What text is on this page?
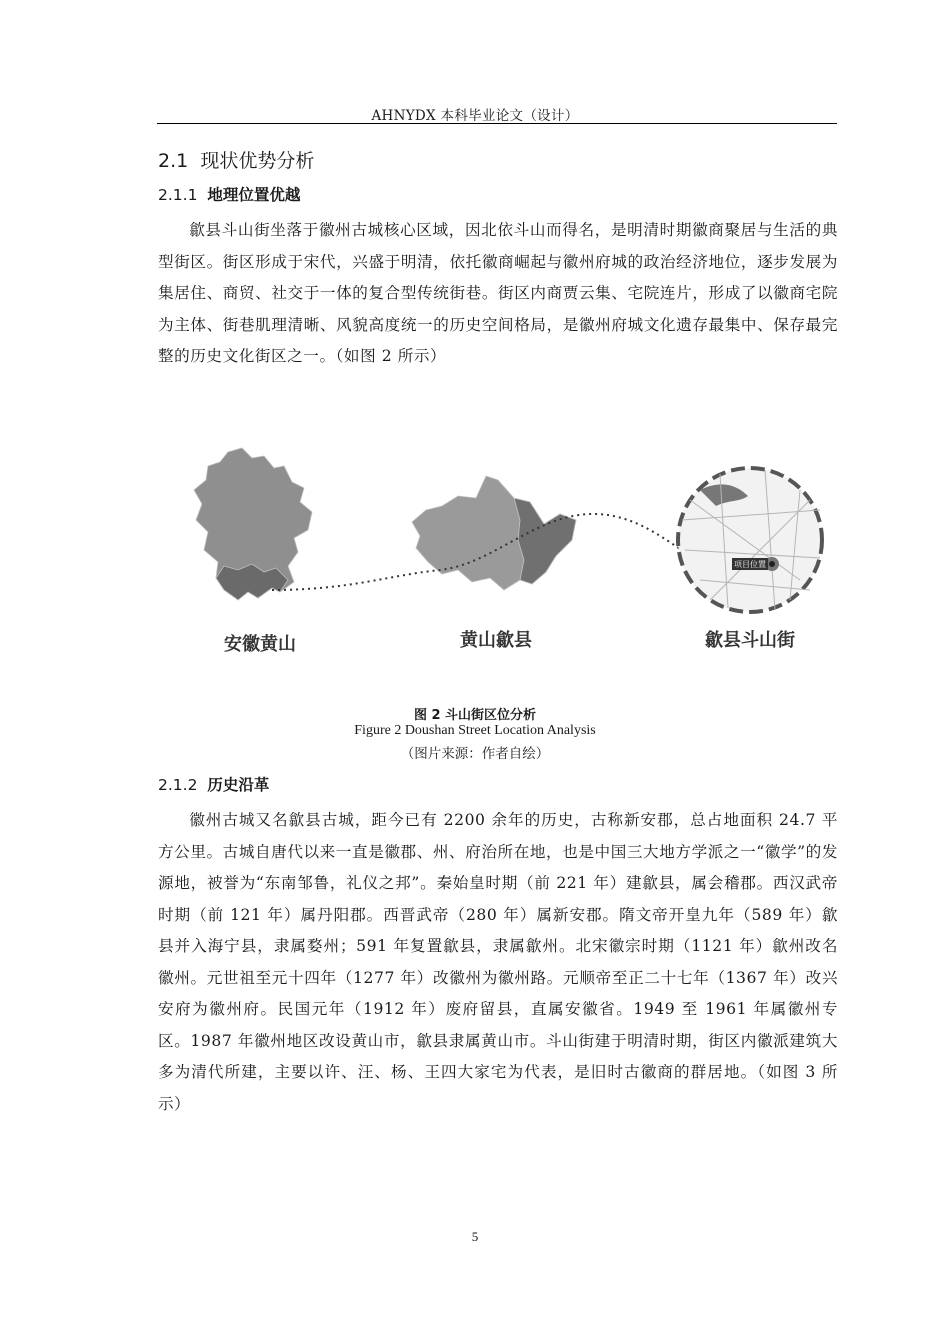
AHNYDX 本科毕业论文（设计）
2.1 现状优势分析
2.1.1 地理位置优越
歙县斗山街坐落于徽州古城核心区域，因北依斗山而得名，是明清时期徽商聚居与生活的典型街区。街区形成于宋代，兴盛于明清，依托徽商崛起与徽州府城的政治经济地位，逐步发展为集居住、商贸、社交于一体的复合型传统街巷。街区内商贾云集、宅院连片，形成了以徽商宅院为主体、街巷肌理清晰、风貌高度统一的历史空间格局，是徽州府城文化遗存最集中、保存最完整的历史文化街区之一。（如图 2 所示）
项目位置
安徽黄山	黄山歙县	歙县斗山街
图 2 斗山街区位分析
Figure 2 Doushan Street Location Analysis
（图片来源：作者自绘）
2.1.2 历史沿革
徽州古城又名歙县古城，距今已有 2200 余年的历史，古称新安郡，总占地面积 24.7 平方公里。古城自唐代以来一直是徽郡、州、府治所在地，也是中国三大地方学派之一“徽学”的发源地，被誉为“东南邹鲁，礼仪之邦”。秦始皇时期（前 221 年）建歙县，属会稽郡。西汉武帝时期（前 121 年）属丹阳郡。西晋武帝（280 年）属新安郡。隋文帝开皇九年（589 年）歙县并入海宁县，隶属婺州；591 年复置歙县，隶属歙州。北宋徽宗时期（1121 年）歙州改名徽州。元世祖至元十四年（1277 年）改徽州为徽州路。元顺帝至正二十七年（1367 年）改兴安府为徽州府。民国元年（1912 年）废府留县，直属安徽省。1949 至 1961 年属徽州专区。1987 年徽州地区改设黄山市，歙县隶属黄山市。斗山街建于明清时期，街区内徽派建筑大多为清代所建，主要以许、汪、杨、王四大家宅为代表，是旧时古徽商的群居地。（如图 3 所示）
5
